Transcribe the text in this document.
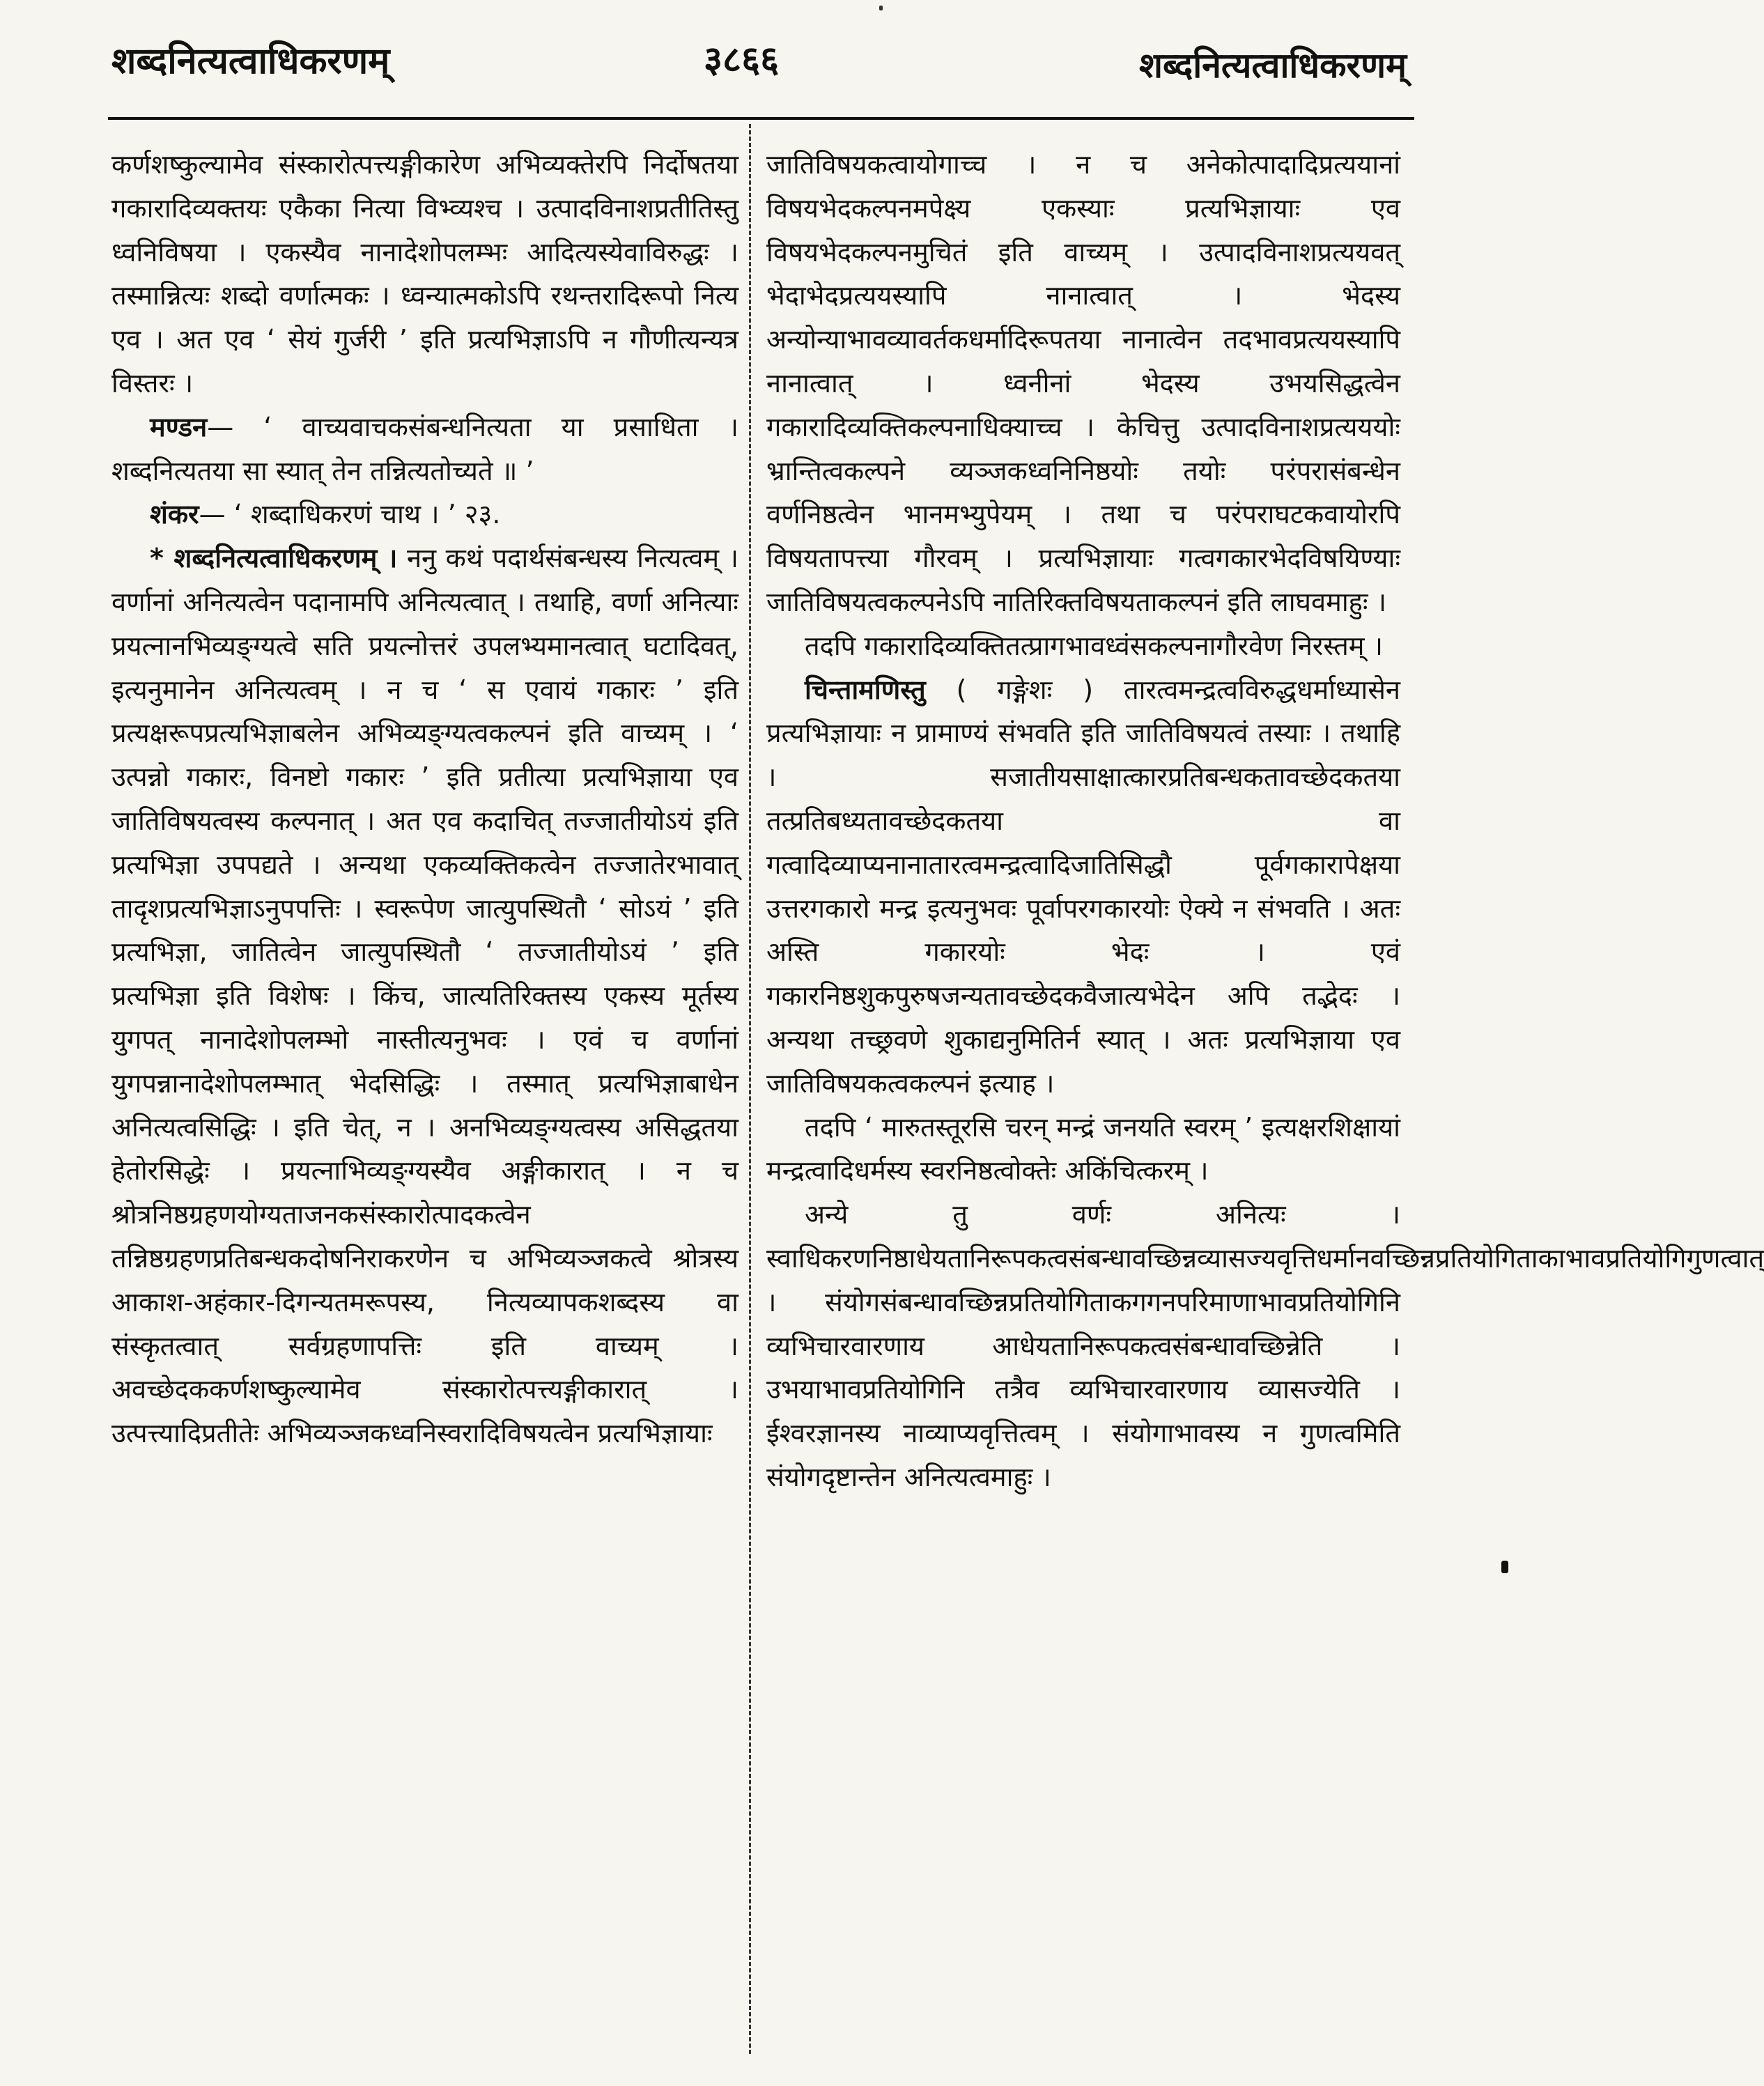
शब्दनित्यत्वाधिकरणम्	३८६६	शब्दनित्यत्वाधिकरणम्

कर्णशष्कुल्यामेव संस्कारोत्पत्त्यङ्गीकारेण अभिव्यक्तेरपि निर्दोषतया गकारादिव्यक्तयः एकैका नित्या विभ्व्यश्च । उत्पादविनाशप्रतीतिस्तु ध्वनिविषया । एकस्यैव नानादेशोपलम्भः आदित्यस्येवाविरुद्धः । तस्मान्नित्यः शब्दो वर्णात्मकः । ध्वन्यात्मकोऽपि रथन्तरादिरूपो नित्य एव । अत एव ‘ सेयं गुर्जरी ’ इति प्रत्यभिज्ञाऽपि न गौणीत्यन्यत्र विस्तरः ।

मण्डन— ‘ वाच्यवाचकसंबन्धनित्यता या प्रसाधिता । शब्दनित्यतया सा स्यात् तेन तन्नित्यतोच्यते ॥ ’

शंकर— ‘ शब्दाधिकरणं चाथ । ’ २३.

* शब्दनित्यत्वाधिकरणम् । ननु कथं पदार्थसंबन्धस्य नित्यत्वम् । वर्णानां अनित्यत्वेन पदानामपि अनित्यत्वात् । तथाहि, वर्णा अनित्याः प्रयत्नानभिव्यङ्ग्यत्वे सति प्रयत्नोत्तरं उपलभ्यमानत्वात् घटादिवत्, इत्यनुमानेन अनित्यत्वम् । न च ‘ स एवायं गकारः ’ इति प्रत्यक्षरूपप्रत्यभिज्ञाबलेन अभिव्यङ्ग्यत्वकल्पनं इति वाच्यम् । ‘ उत्पन्नो गकारः, विनष्टो गकारः ’ इति प्रतीत्या प्रत्यभिज्ञाया एव जातिविषयत्वस्य कल्पनात् । अत एव कदाचित् तज्जातीयोऽयं इति प्रत्यभिज्ञा उपपद्यते । अन्यथा एकव्यक्तिकत्वेन तज्जातेरभावात् तादृशप्रत्यभिज्ञाऽनुपपत्तिः । स्वरूपेण जात्युपस्थितौ ‘ सोऽयं ’ इति प्रत्यभिज्ञा, जातित्वेन जात्युपस्थितौ ‘ तज्जातीयोऽयं ’ इति प्रत्यभिज्ञा इति विशेषः । किंच, जात्यतिरिक्तस्य एकस्य मूर्तस्य युगपत् नानादेशोपलम्भो नास्तीत्यनुभवः । एवं च वर्णानां युगपन्नानादेशोपलम्भात् भेदसिद्धिः । तस्मात् प्रत्यभिज्ञाबाधेन अनित्यत्वसिद्धिः । इति चेत्, न । अनभिव्यङ्ग्यत्वस्य असिद्धतया हेतोरसिद्धेः । प्रयत्नाभिव्यङ्ग्यस्यैव अङ्गीकारात् । न च श्रोत्रनिष्ठग्रहणयोग्यताजनकसंस्कारोत्पादकत्वेन तन्निष्ठग्रहणप्रतिबन्धकदोषनिराकरणेन च अभिव्यञ्जकत्वे श्रोत्रस्य आकाश-अहंकार-दिगन्यतमरूपस्य, नित्यव्यापकशब्दस्य वा संस्कृतत्वात् सर्वग्रहणापत्तिः इति वाच्यम् । अवच्छेदककर्णशष्कुल्यामेव संस्कारोत्पत्त्यङ्गीकारात् । उत्पत्त्यादिप्रतीतेः अभिव्यञ्जकध्वनिस्वरादिविषयत्वेन प्रत्यभिज्ञायाः

जातिविषयकत्वायोगाच्च । न च अनेकोत्पादादिप्रत्ययानां विषयभेदकल्पनमपेक्ष्य एकस्याः प्रत्यभिज्ञायाः एव विषयभेदकल्पनमुचितं इति वाच्यम् । उत्पादविनाशप्रत्ययवत् भेदाभेदप्रत्ययस्यापि नानात्वात् । भेदस्य अन्योन्याभावव्यावर्तकधर्मादिरूपतया नानात्वेन तदभावप्रत्ययस्यापि नानात्वात् । ध्वनीनां भेदस्य उभयसिद्धत्वेन गकारादिव्यक्तिकल्पनाधिक्याच्च । केचित्तु उत्पादविनाशप्रत्यययोः भ्रान्तित्वकल्पने व्यञ्जकध्वनिनिष्ठयोः तयोः परंपरासंबन्धेन वर्णनिष्ठत्वेन भानमभ्युपेयम् । तथा च परंपराघटकवायोरपि विषयतापत्त्या गौरवम् । प्रत्यभिज्ञायाः गत्वगकारभेदविषयिण्याः जातिविषयत्वकल्पनेऽपि नातिरिक्तविषयताकल्पनं इति लाघवमाहुः ।

तदपि गकारादिव्यक्तितत्प्रागभावध्वंसकल्पनागौरवेण निरस्तम् ।

चिन्तामणिस्तु ( गङ्गेशः ) तारत्वमन्द्रत्वविरुद्धधर्माध्यासेन प्रत्यभिज्ञायाः न प्रामाण्यं संभवति इति जातिविषयत्वं तस्याः । तथाहि । सजातीयसाक्षात्कारप्रतिबन्धकतावच्छेदकतया तत्प्रतिबध्यतावच्छेदकतया वा गत्वादिव्याप्यनानातारत्वमन्द्रत्वादिजातिसिद्धौ पूर्वगकारापेक्षया उत्तरगकारो मन्द्र इत्यनुभवः पूर्वापरगकारयोः ऐक्ये न संभवति । अतः अस्ति गकारयोः भेदः । एवं गकारनिष्ठशुकपुरुषजन्यतावच्छेदकवैजात्यभेदेन अपि तद्भेदः । अन्यथा तच्छ्रवणे शुकाद्यनुमितिर्न स्यात् । अतः प्रत्यभिज्ञाया एव जातिविषयकत्वकल्पनं इत्याह ।

तदपि ‘ मारुतस्तूरसि चरन् मन्द्रं जनयति स्वरम् ’ इत्यक्षरशिक्षायां मन्द्रत्वादिधर्मस्य स्वरनिष्ठत्वोक्तेः अकिंचित्करम् ।

अन्ये तु वर्णः अनित्यः । स्वाधिकरणनिष्ठाधेयतानिरूपकत्वसंबन्धावच्छिन्नव्यासज्यवृत्तिधर्मानवच्छिन्नप्रतियोगिताकाभावप्रतियोगिगुणत्वात् । संयोगसंबन्धावच्छिन्नप्रतियोगिताकगगनपरिमाणाभावप्रतियोगिनि व्यभिचारवारणाय आधेयतानिरूपकत्वसंबन्धावच्छिन्नेति । उभयाभावप्रतियोगिनि तत्रैव व्यभिचारवारणाय व्यासज्येति । ईश्वरज्ञानस्य नाव्याप्यवृत्तित्वम् । संयोगाभावस्य न गुणत्वमिति संयोगदृष्टान्तेन अनित्यत्वमाहुः ।
